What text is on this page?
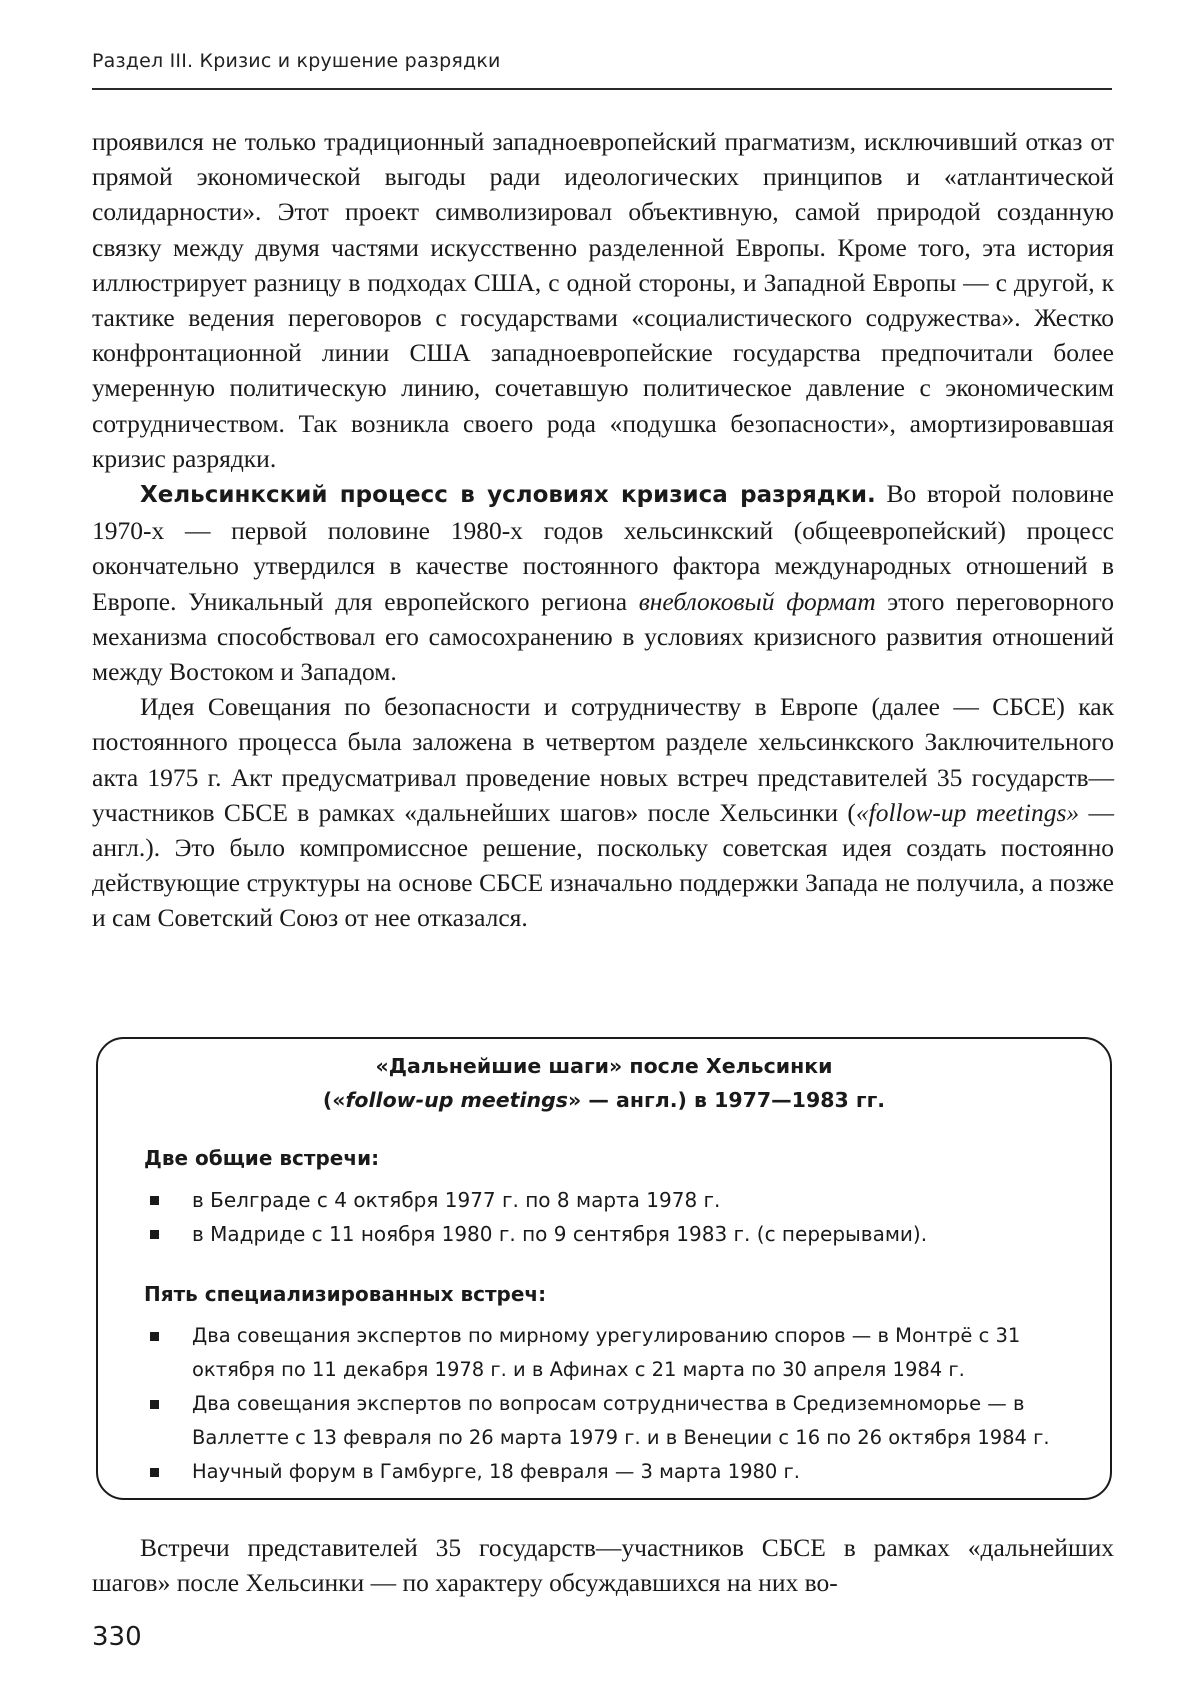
Раздел III. Кризис и крушение разрядки

проявился не только традиционный западноевропейский прагматизм, исключивший отказ от прямой экономической выгоды ради идеологических принципов и «атлантической солидарности». Этот проект символизировал объективную, самой природой созданную связку между двумя частями искусственно разделенной Европы. Кроме того, эта история иллюстрирует разницу в подходах США, с одной стороны, и Западной Европы — с другой, к тактике ведения переговоров с государствами «социалистического содружества». Жестко конфронтационной линии США западноевропейские государства предпочитали более умеренную политическую линию, сочетавшую политическое давление с экономическим сотрудничеством. Так возникла своего рода «подушка безопасности», амортизировавшая кризис разрядки.

Хельсинкский процесс в условиях кризиса разрядки. Во второй половине 1970-х — первой половине 1980-х годов хельсинкский (общеевропейский) процесс окончательно утвердился в качестве постоянного фактора международных отношений в Европе. Уникальный для европейского региона внеблоковый формат этого переговорного механизма способствовал его самосохранению в условиях кризисного развития отношений между Востоком и Западом.

Идея Совещания по безопасности и сотрудничеству в Европе (далее — СБСЕ) как постоянного процесса была заложена в четвертом разделе хельсинкского Заключительного акта 1975 г. Акт предусматривал проведение новых встреч представителей 35 государств—участников СБСЕ в рамках «дальнейших шагов» после Хельсинки («follow-up meetings» — англ.). Это было компромиссное решение, поскольку советская идея создать постоянно действующие структуры на основе СБСЕ изначально поддержки Запада не получила, а позже и сам Советский Союз от нее отказался.

«Дальнейшие шаги» после Хельсинки
(«follow-up meetings» — англ.) в 1977—1983 гг.
Две общие встречи:
в Белграде с 4 октября 1977 г. по 8 марта 1978 г.
в Мадриде с 11 ноября 1980 г. по 9 сентября 1983 г. (с перерывами).
Пять специализированных встреч:
Два совещания экспертов по мирному урегулированию споров — в Монтрё с 31 октября по 11 декабря 1978 г. и в Афинах с 21 марта по 30 апреля 1984 г.
Два совещания экспертов по вопросам сотрудничества в Средиземноморье — в Валлетте с 13 февраля по 26 марта 1979 г. и в Венеции с 16 по 26 октября 1984 г.
Научный форум в Гамбурге, 18 февраля — 3 марта 1980 г.

Встречи представителей 35 государств—участников СБСЕ в рамках «дальнейших шагов» после Хельсинки — по характеру обсуждавшихся на них во-

330
